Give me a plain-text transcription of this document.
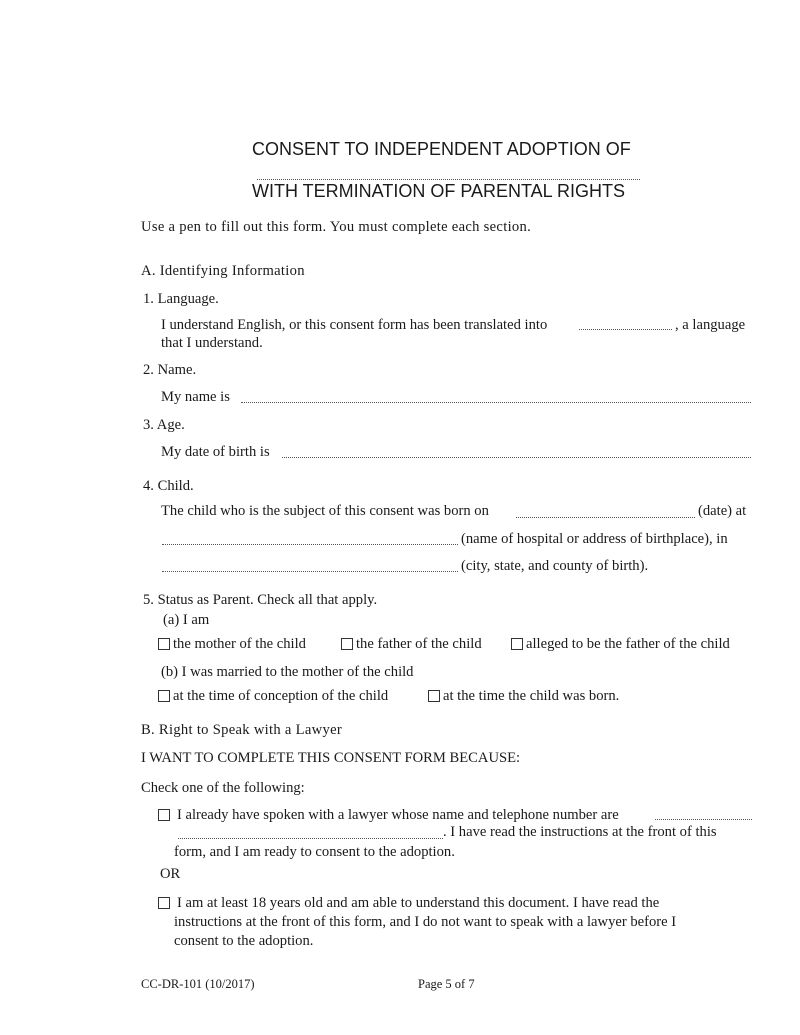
CONSENT TO INDEPENDENT ADOPTION OF
WITH TERMINATION OF PARENTAL RIGHTS
Use a pen to fill out this form. You must complete each section.
A. Identifying Information
1. Language.
I understand English, or this consent form has been translated into	, a language
that I understand.
2. Name.
My name is
3. Age.
My date of birth is
4. Child.
The child who is the subject of this consent was born on	(date) at
(name of hospital or address of birthplace), in
(city, state, and county of birth).
5. Status as Parent. Check all that apply.
(a) I am
the mother of the child	the father of the child	alleged to be the father of the child
(b) I was married to the mother of the child
at the time of conception of the child	at the time the child was born.
B. Right to Speak with a Lawyer
I WANT TO COMPLETE THIS CONSENT FORM BECAUSE:
Check one of the following:
I already have spoken with a lawyer whose name and telephone number are
. I have read the instructions at the front of this
form, and I am ready to consent to the adoption.
OR
I am at least 18 years old and am able to understand this document. I have read the
instructions at the front of this form, and I do not want to speak with a lawyer before I
consent to the adoption.
CC-DR-101 (10/2017)	Page 5 of 7
